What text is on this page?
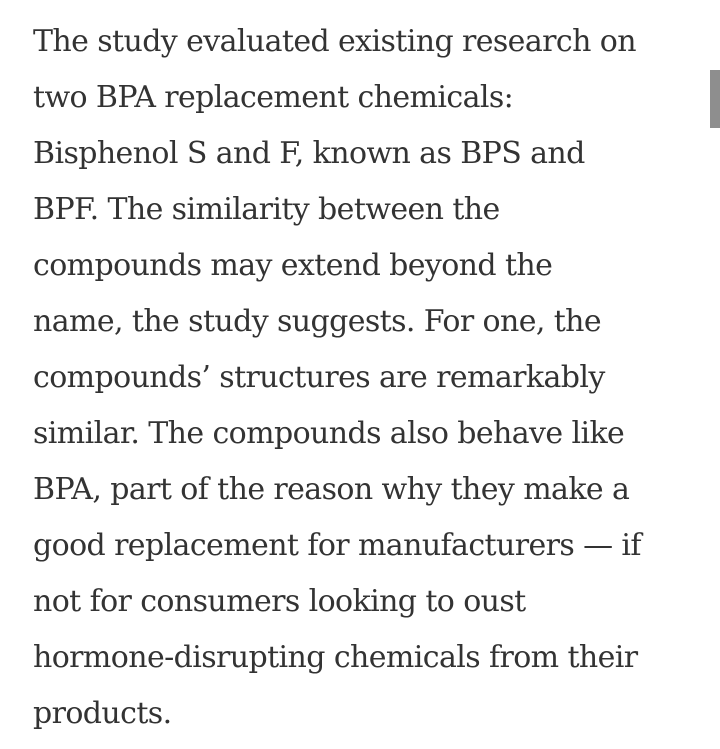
The study evaluated existing research on
two BPA replacement chemicals:
Bisphenol S and F, known as BPS and
BPF. The similarity between the
compounds may extend beyond the
name, the study suggests. For one, the
compounds’ structures are remarkably
similar. The compounds also behave like
BPA, part of the reason why they make a
good replacement for manufacturers — if
not for consumers looking to oust
hormone-disrupting chemicals from their
products.
